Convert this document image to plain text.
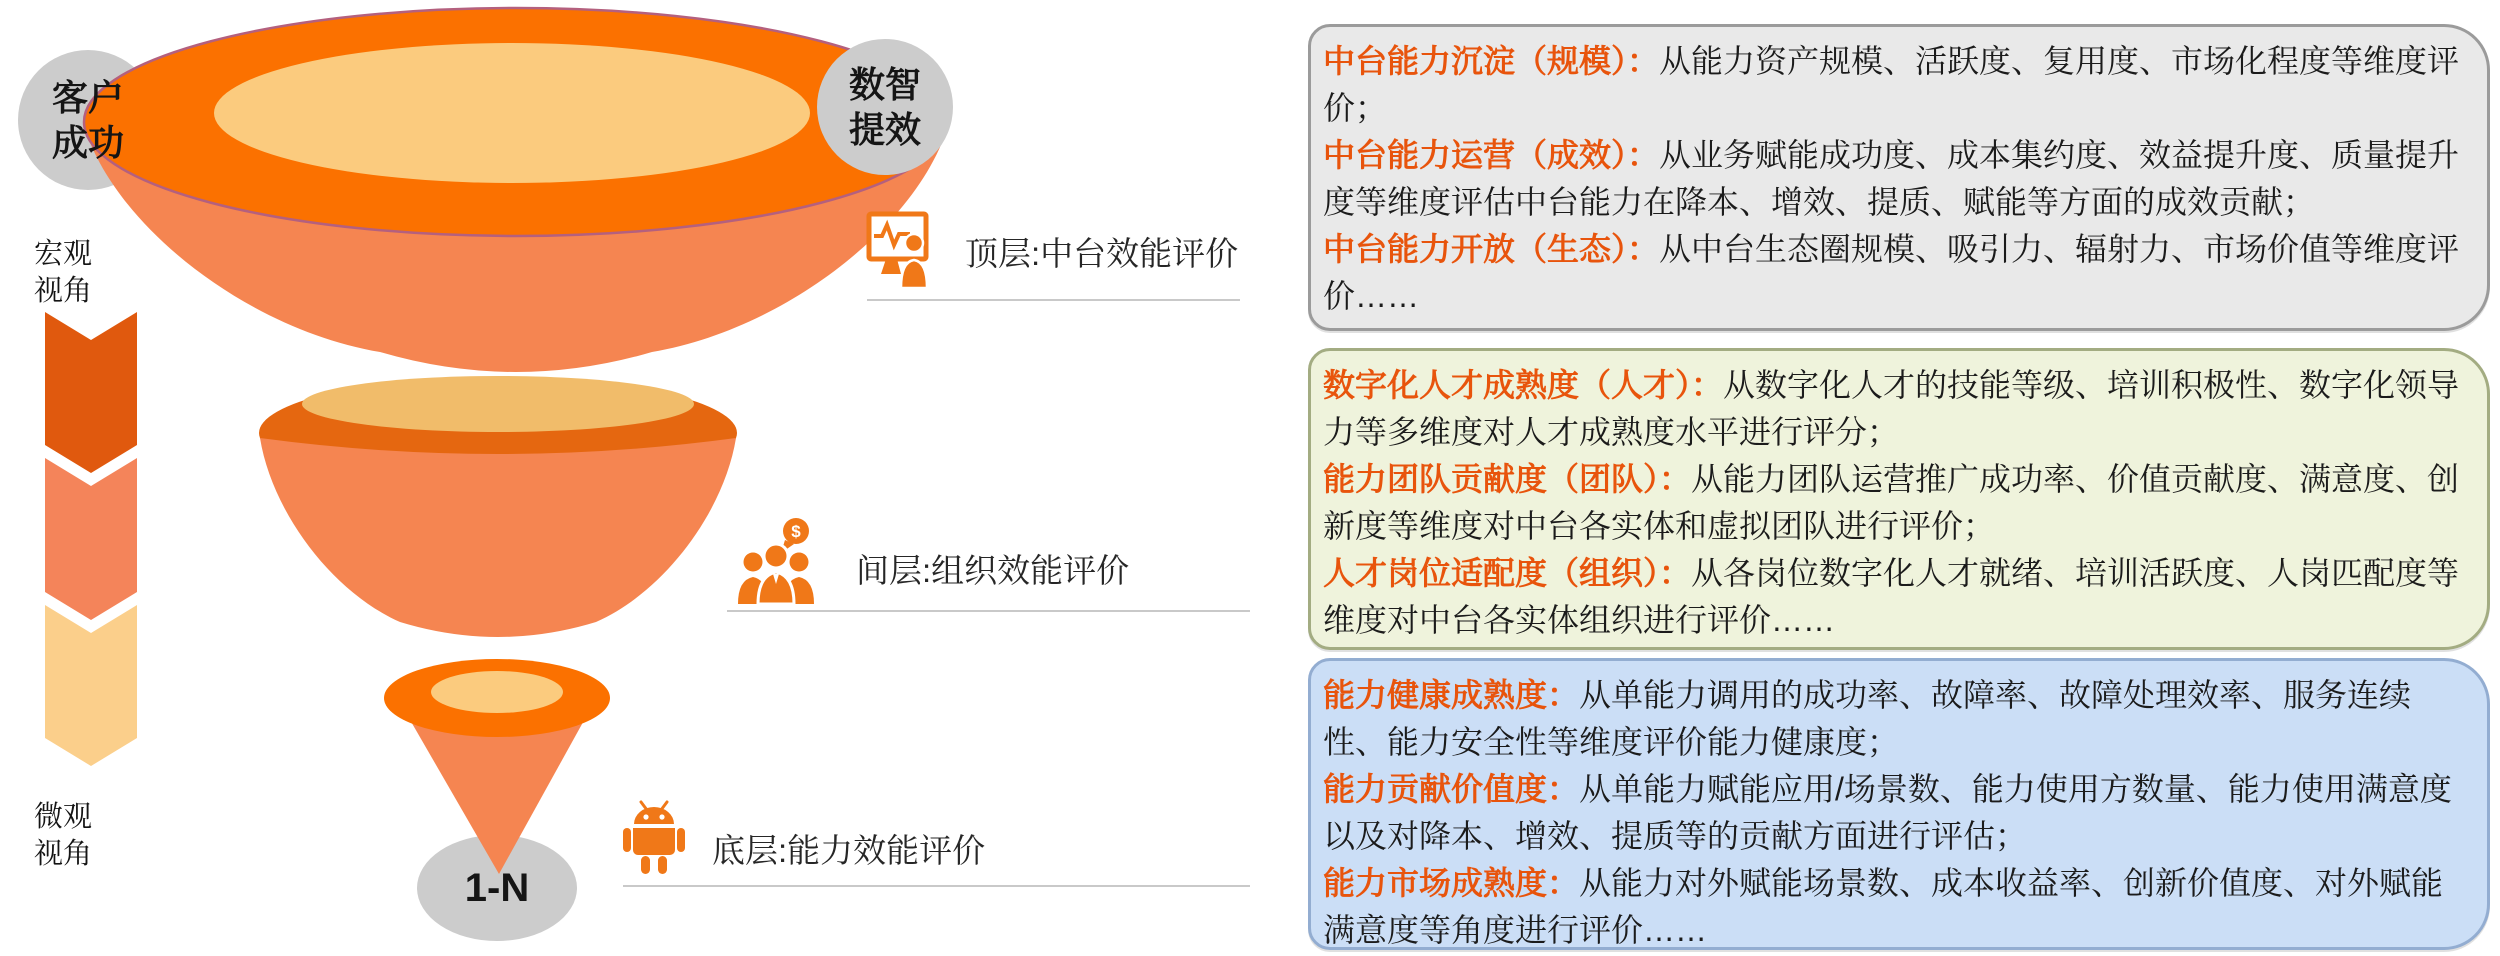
客户
成功
数智
提效
1-N
宏观
视角
微观
视角
顶层:中台效能评价
$
间层:组织效能评价
底层:能力效能评价

中台能力沉淀（规模）：从能力资产规模、活跃度、复用度、市场化程度等维度评价；

中台能力运营（成效）：从业务赋能成功度、成本集约度、效益提升度、质量提升度等维度评估中台能力在降本、增效、提质、赋能等方面的成效贡献；

中台能力开放（生态）：从中台生态圈规模、吸引力、辐射力、市场价值等维度评价……

数字化人才成熟度（人才）：从数字化人才的技能等级、培训积极性、数字化领导力等多维度对人才成熟度水平进行评分；

能力团队贡献度（团队）：从能力团队运营推广成功率、价值贡献度、满意度、创新度等维度对中台各实体和虚拟团队进行评价；

人才岗位适配度（组织）：从各岗位数字化人才就绪、培训活跃度、人岗匹配度等维度对中台各实体组织进行评价……

能力健康成熟度：从单能力调用的成功率、故障率、故障处理效率、服务连续性、能力安全性等维度评价能力健康度；

能力贡献价值度：从单能力赋能应用/场景数、能力使用方数量、能力使用满意度以及对降本、增效、提质等的贡献方面进行评估；

能力市场成熟度：从能力对外赋能场景数、成本收益率、创新价值度、对外赋能满意度等角度进行评价……
